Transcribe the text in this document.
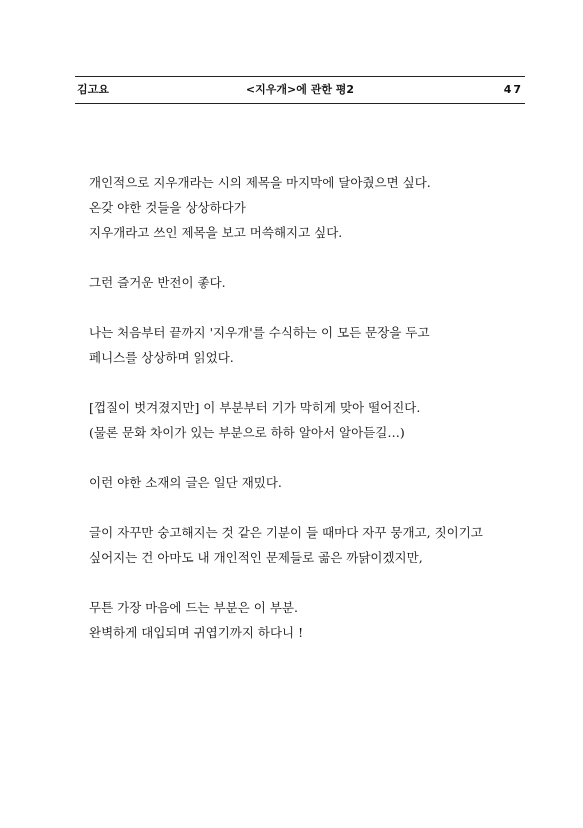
김고요	<지우개>에 관한 평2	47

개인적으로 지우개라는 시의 제목을 마지막에 달아줬으면 싶다.
온갖 야한 것들을 상상하다가
지우개라고 쓰인 제목을 보고 머쓱해지고 싶다.

그런 즐거운 반전이 좋다.

나는 처음부터 끝까지 '지우개'를 수식하는 이 모든 문장을 두고
페니스를 상상하며 읽었다.

[껍질이 벗겨졌지만] 이 부분부터 기가 막히게 맞아 떨어진다.
(물론 문화 차이가 있는 부분으로 하하 알아서 알아듣길…)

이런 야한 소재의 글은 일단 재밌다.

글이 자꾸만 숭고해지는 것 같은 기분이 들 때마다 자꾸 뭉개고, 짓이기고
싶어지는 건 아마도 내 개인적인 문제들로 곪은 까닭이겠지만,

무튼 가장 마음에 드는 부분은 이 부분.
완벽하게 대입되며 귀엽기까지 하다니 !
